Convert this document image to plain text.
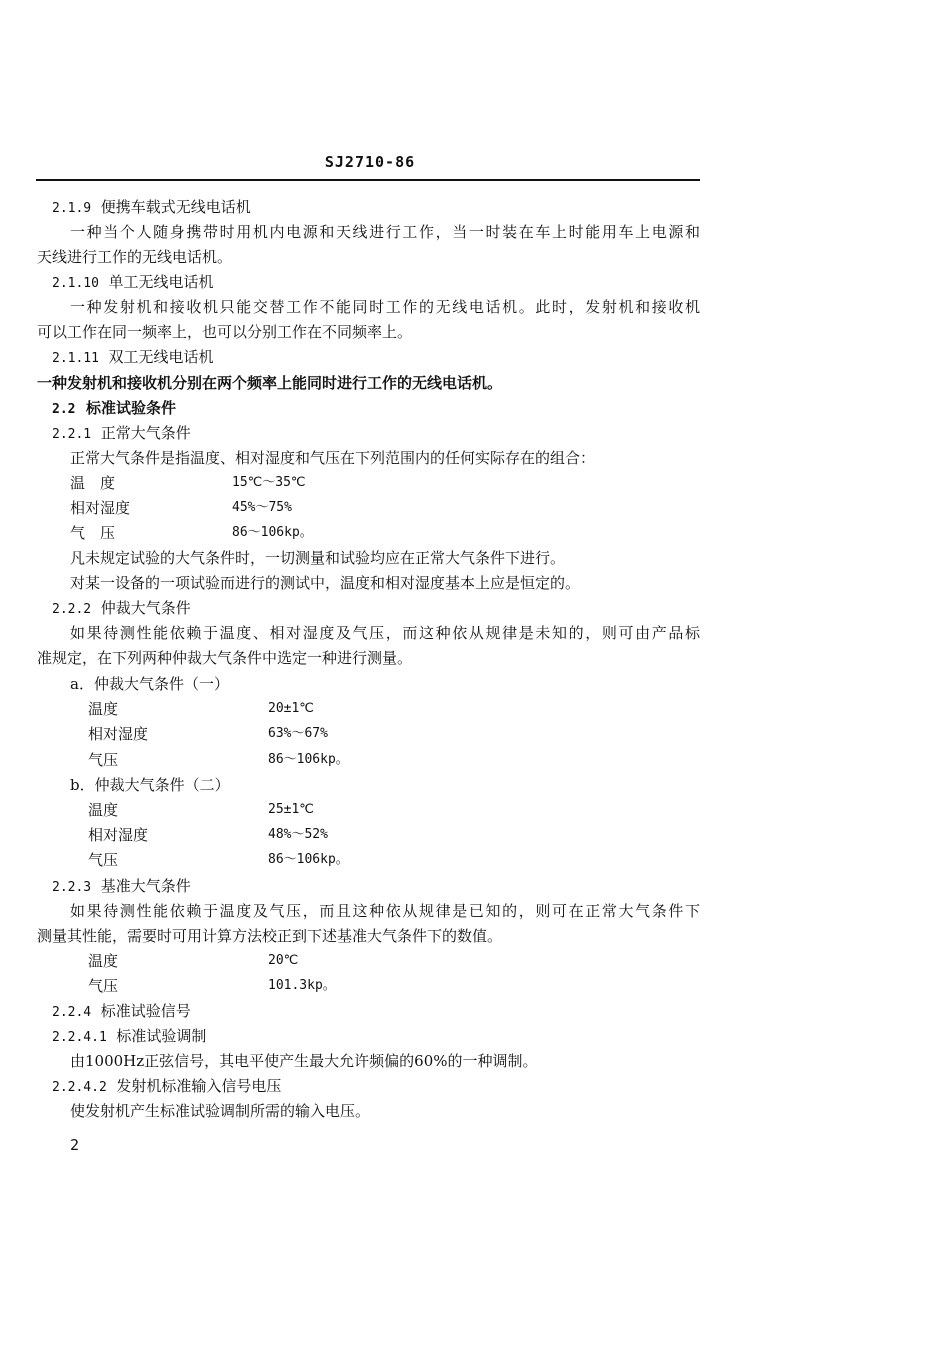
SJ2710-86
2.1.9 便携车载式无线电话机
一种当个人随身携带时用机内电源和天线进行工作，当一时装在车上时能用车上电源和
天线进行工作的无线电话机。
2.1.10 单工无线电话机
一种发射机和接收机只能交替工作不能同时工作的无线电话机。此时，发射机和接收机
可以工作在同一频率上，也可以分别工作在不同频率上。
2.1.11 双工无线电话机
一种发射机和接收机分别在两个频率上能同时进行工作的无线电话机。
2.2 标准试验条件
2.2.1 正常大气条件
正常大气条件是指温度、相对湿度和气压在下列范围内的任何实际存在的组合：
温　度	15℃～35℃
相对湿度	45%～75%
气　压	86～106kp。
凡未规定试验的大气条件时，一切测量和试验均应在正常大气条件下进行。
对某一设备的一项试验而进行的测试中，温度和相对湿度基本上应是恒定的。
2.2.2 仲裁大气条件
如果待测性能依赖于温度、相对湿度及气压，而这种依从规律是未知的，则可由产品标
准规定，在下列两种仲裁大气条件中选定一种进行测量。
a．仲裁大气条件（一）
温度	20±1℃
相对湿度	63%～67%
气压	86～106kp。
b．仲裁大气条件（二）
温度	25±1℃
相对湿度	48%～52%
气压	86～106kp。
2.2.3 基准大气条件
如果待测性能依赖于温度及气压，而且这种依从规律是已知的，则可在正常大气条件下
测量其性能，需要时可用计算方法校正到下述基准大气条件下的数值。
温度	20℃
气压	101.3kp。
2.2.4 标准试验信号
2.2.4.1 标准试验调制
由1000Hz正弦信号，其电平使产生最大允许频偏的60%的一种调制。
2.2.4.2 发射机标准输入信号电压
使发射机产生标准试验调制所需的输入电压。
2
